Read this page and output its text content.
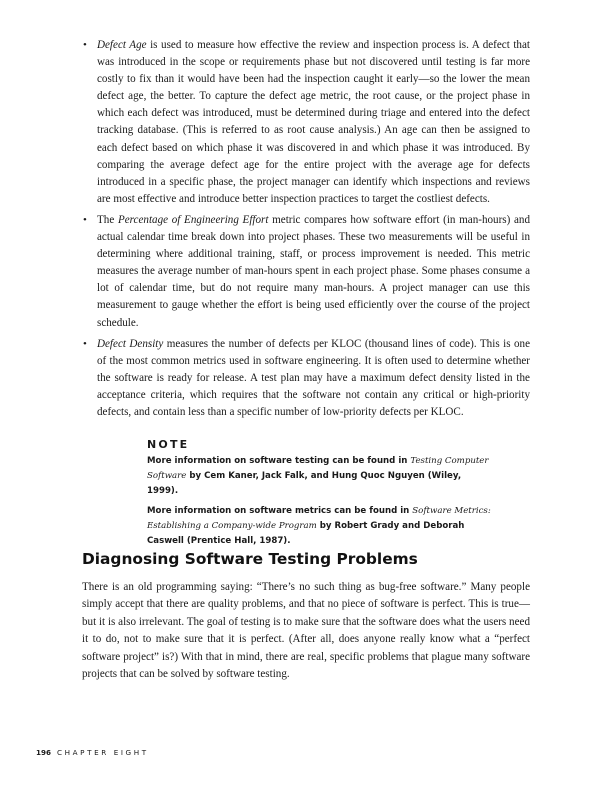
• Defect Age is used to measure how effective the review and inspection process is. A defect that was introduced in the scope or requirements phase but not discovered until testing is far more costly to fix than it would have been had the inspection caught it early—so the lower the mean defect age, the better. To capture the defect age metric, the root cause, or the project phase in which each defect was introduced, must be determined during triage and entered into the defect tracking database. (This is referred to as root cause analysis.) An age can then be assigned to each defect based on which phase it was discovered in and which phase it was introduced. By comparing the average defect age for the entire project with the average age for defects introduced in a specific phase, the project manager can identify which inspections and reviews are most effective and introduce better inspection practices to target the costliest defects.
• The Percentage of Engineering Effort metric compares how software effort (in man-hours) and actual calendar time break down into project phases. These two measurements will be useful in determining where additional training, staff, or process improvement is needed. This metric measures the average number of man-hours spent in each project phase. Some phases consume a lot of calendar time, but do not require many man-hours. A project manager can use this measurement to gauge whether the effort is being used efficiently over the course of the project schedule.
• Defect Density measures the number of defects per KLOC (thousand lines of code). This is one of the most common metrics used in software engineering. It is often used to determine whether the software is ready for release. A test plan may have a maximum defect density listed in the acceptance criteria, which requires that the software not contain any critical or high-priority defects, and contain less than a specific number of low-priority defects per KLOC.
NOTE

More information on software testing can be found in Testing Computer Software by Cem Kaner, Jack Falk, and Hung Quoc Nguyen (Wiley, 1999).

More information on software metrics can be found in Software Metrics: Establishing a Company-wide Program by Robert Grady and Deborah Caswell (Prentice Hall, 1987).

Diagnosing Software Testing Problems

There is an old programming saying: “There’s no such thing as bug-free software.” Many people simply accept that there are quality problems, and that no piece of software is perfect. This is true—but it is also irrelevant. The goal of testing is to make sure that the software does what the users need it to do, not to make sure that it is perfect. (After all, does anyone really know what a “perfect software project” is?) With that in mind, there are real, specific problems that plague many software projects that can be solved by software testing.

196 CHAPTER EIGHT
